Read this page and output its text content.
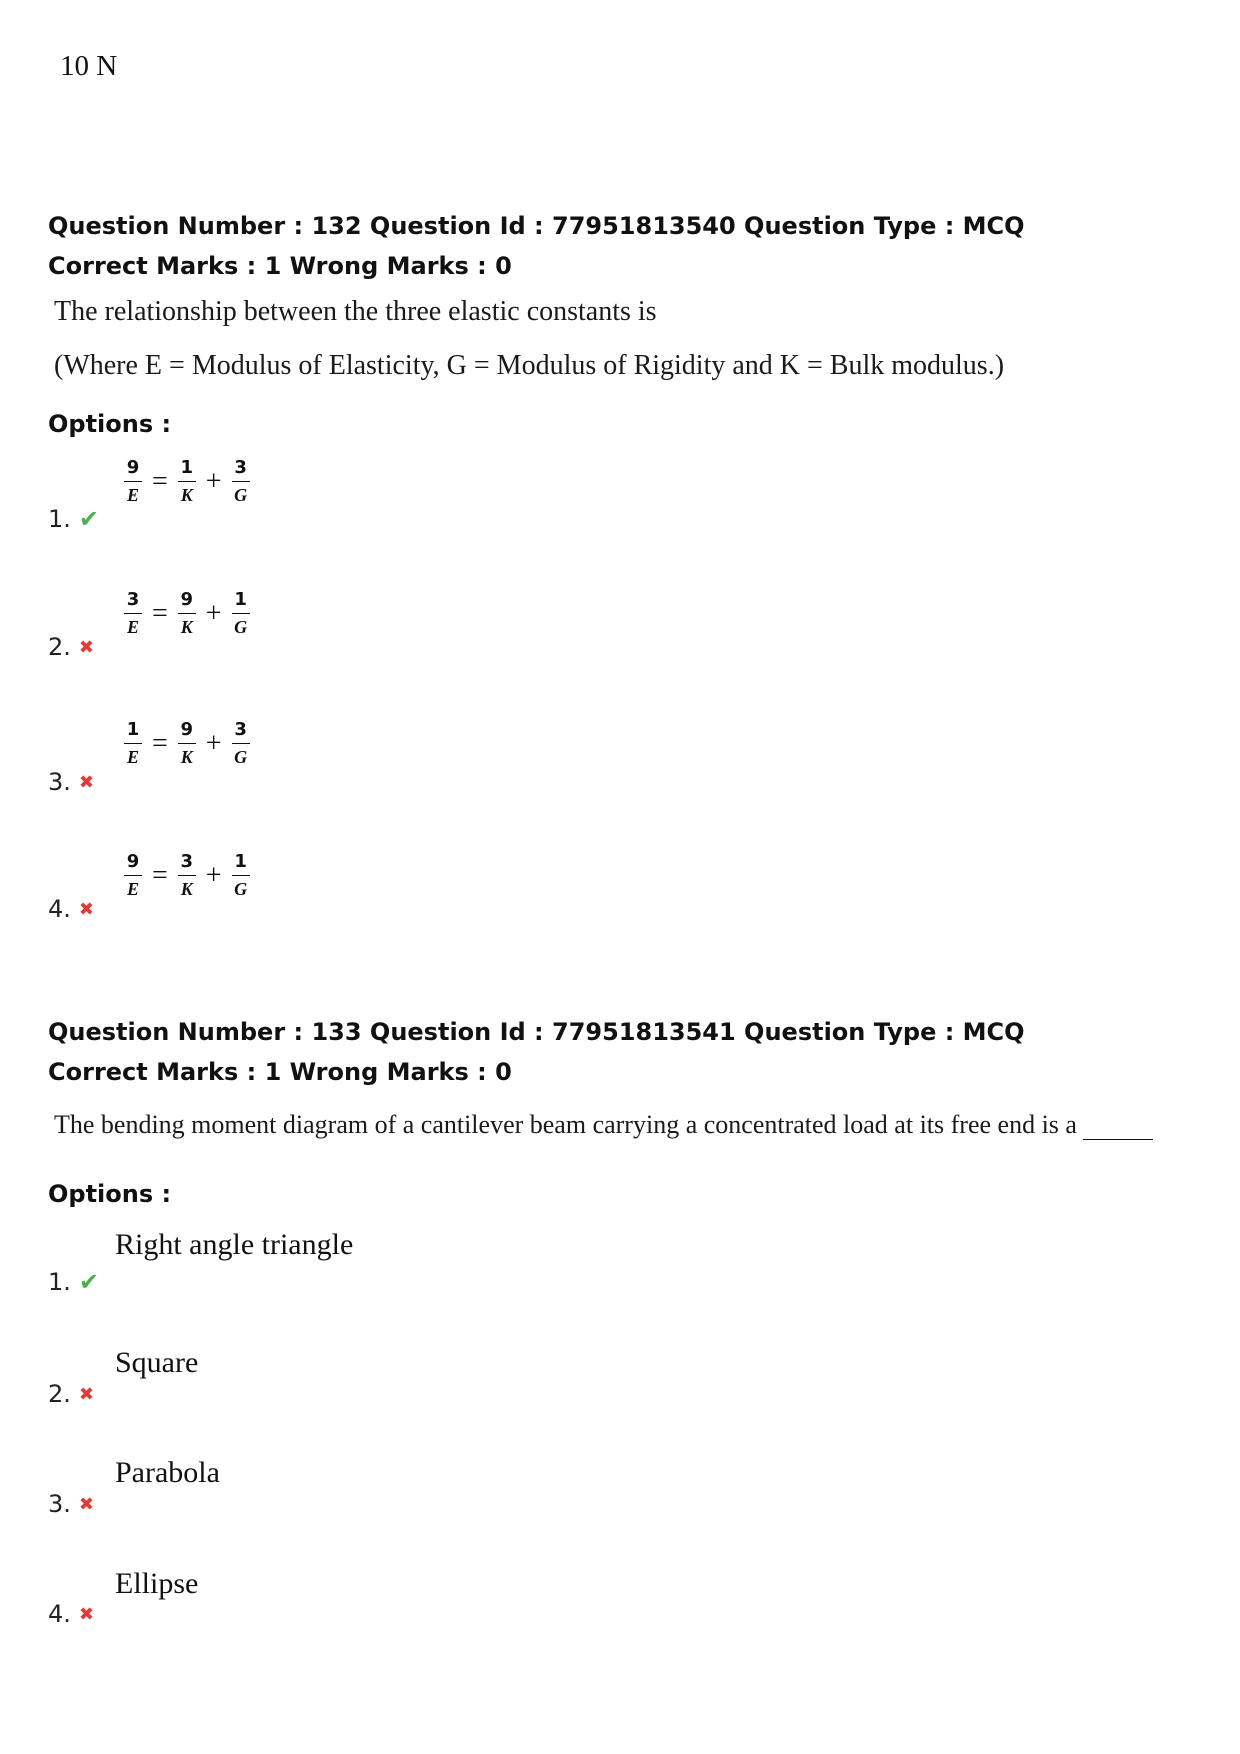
10 N
Question Number : 132 Question Id : 77951813540 Question Type : MCQ
Correct Marks : 1 Wrong Marks : 0
The relationship between the three elastic constants is
(Where E = Modulus of Elasticity, G = Modulus of Rigidity and K = Bulk modulus.)
Options :
1. ✔
$\frac{9}{E} = \frac{1}{K} + \frac{3}{G}$
2. ✖
$\frac{3}{E} = \frac{9}{K} + \frac{1}{G}$
3. ✖
$\frac{1}{E} = \frac{9}{K} + \frac{3}{G}$
4. ✖
$\frac{9}{E} = \frac{3}{K} + \frac{1}{G}$
Question Number : 133 Question Id : 77951813541 Question Type : MCQ
Correct Marks : 1 Wrong Marks : 0
The bending moment diagram of a cantilever beam carrying a concentrated load at its free end is a
Options :
Right angle triangle
1. ✔
Square
2. ✖
Parabola
3. ✖
Ellipse
4. ✖
